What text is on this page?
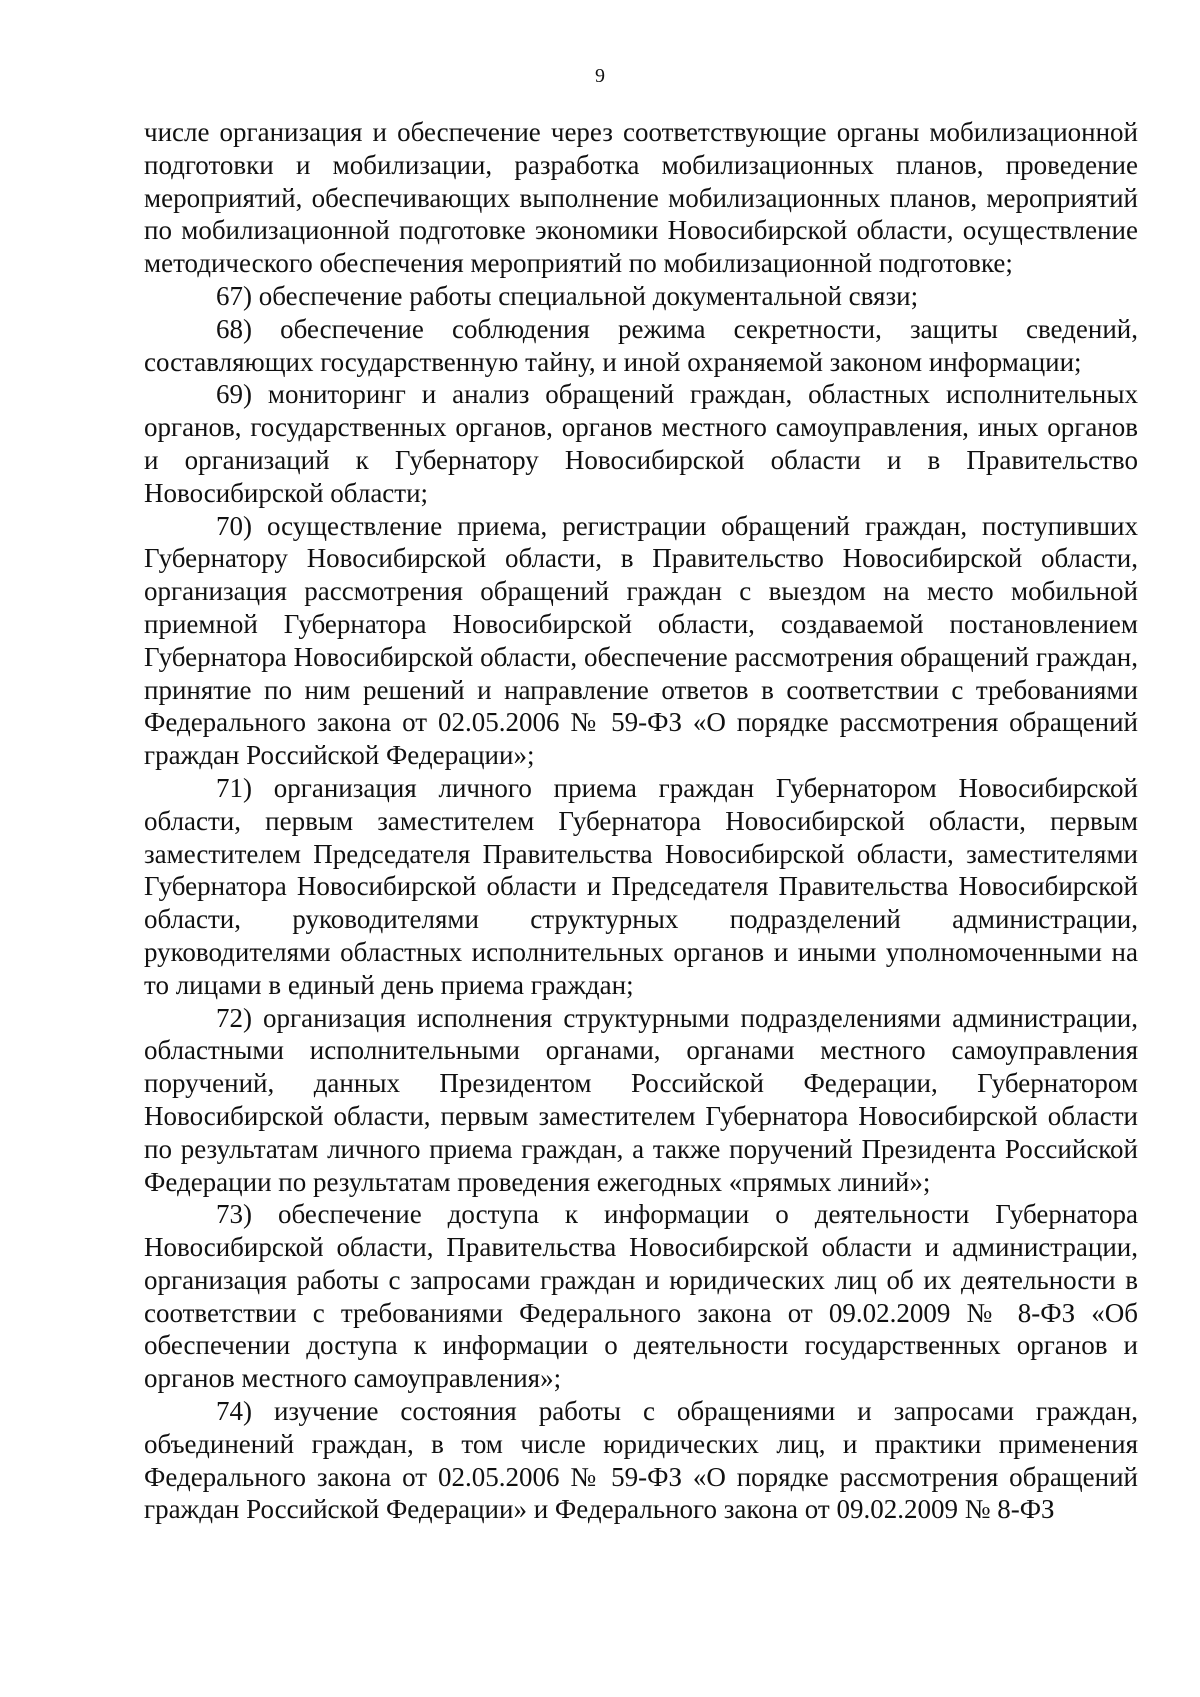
9

числе организация и обеспечение через соответствующие органы мобилизационной подготовки и мобилизации, разработка мобилизационных планов, проведение мероприятий, обеспечивающих выполнение мобилизационных планов, мероприятий по мобилизационной подготовке экономики Новосибирской области, осуществление методического обеспечения мероприятий по мобилизационной подготовке;

67) обеспечение работы специальной документальной связи;

68) обеспечение соблюдения режима секретности, защиты сведений, составляющих государственную тайну, и иной охраняемой законом информации;

69) мониторинг и анализ обращений граждан, областных исполнительных органов, государственных органов, органов местного самоуправления, иных органов и организаций к Губернатору Новосибирской области и в Правительство Новосибирской области;

70) осуществление приема, регистрации обращений граждан, поступивших Губернатору Новосибирской области, в Правительство Новосибирской области, организация рассмотрения обращений граждан с выездом на место мобильной приемной Губернатора Новосибирской области, создаваемой постановлением Губернатора Новосибирской области, обеспечение рассмотрения обращений граждан, принятие по ним решений и направление ответов в соответствии с требованиями Федерального закона от 02.05.2006 № 59-ФЗ «О порядке рассмотрения обращений граждан Российской Федерации»;

71) организация личного приема граждан Губернатором Новосибирской области, первым заместителем Губернатора Новосибирской области, первым заместителем Председателя Правительства Новосибирской области, заместителями Губернатора Новосибирской области и Председателя Правительства Новосибирской области, руководителями структурных подразделений администрации, руководителями областных исполнительных органов и иными уполномоченными на то лицами в единый день приема граждан;

72) организация исполнения структурными подразделениями администрации, областными исполнительными органами, органами местного самоуправления поручений, данных Президентом Российской Федерации, Губернатором Новосибирской области, первым заместителем Губернатора Новосибирской области по результатам личного приема граждан, а также поручений Президента Российской Федерации по результатам проведения ежегодных «прямых линий»;

73) обеспечение доступа к информации о деятельности Губернатора Новосибирской области, Правительства Новосибирской области и администрации, организация работы с запросами граждан и юридических лиц об их деятельности в соответствии с требованиями Федерального закона от 09.02.2009 № 8-ФЗ «Об обеспечении доступа к информации о деятельности государственных органов и органов местного самоуправления»;

74) изучение состояния работы с обращениями и запросами граждан, объединений граждан, в том числе юридических лиц, и практики применения Федерального закона от 02.05.2006 № 59-ФЗ «О порядке рассмотрения обращений граждан Российской Федерации» и Федерального закона от 09.02.2009 № 8-ФЗ
